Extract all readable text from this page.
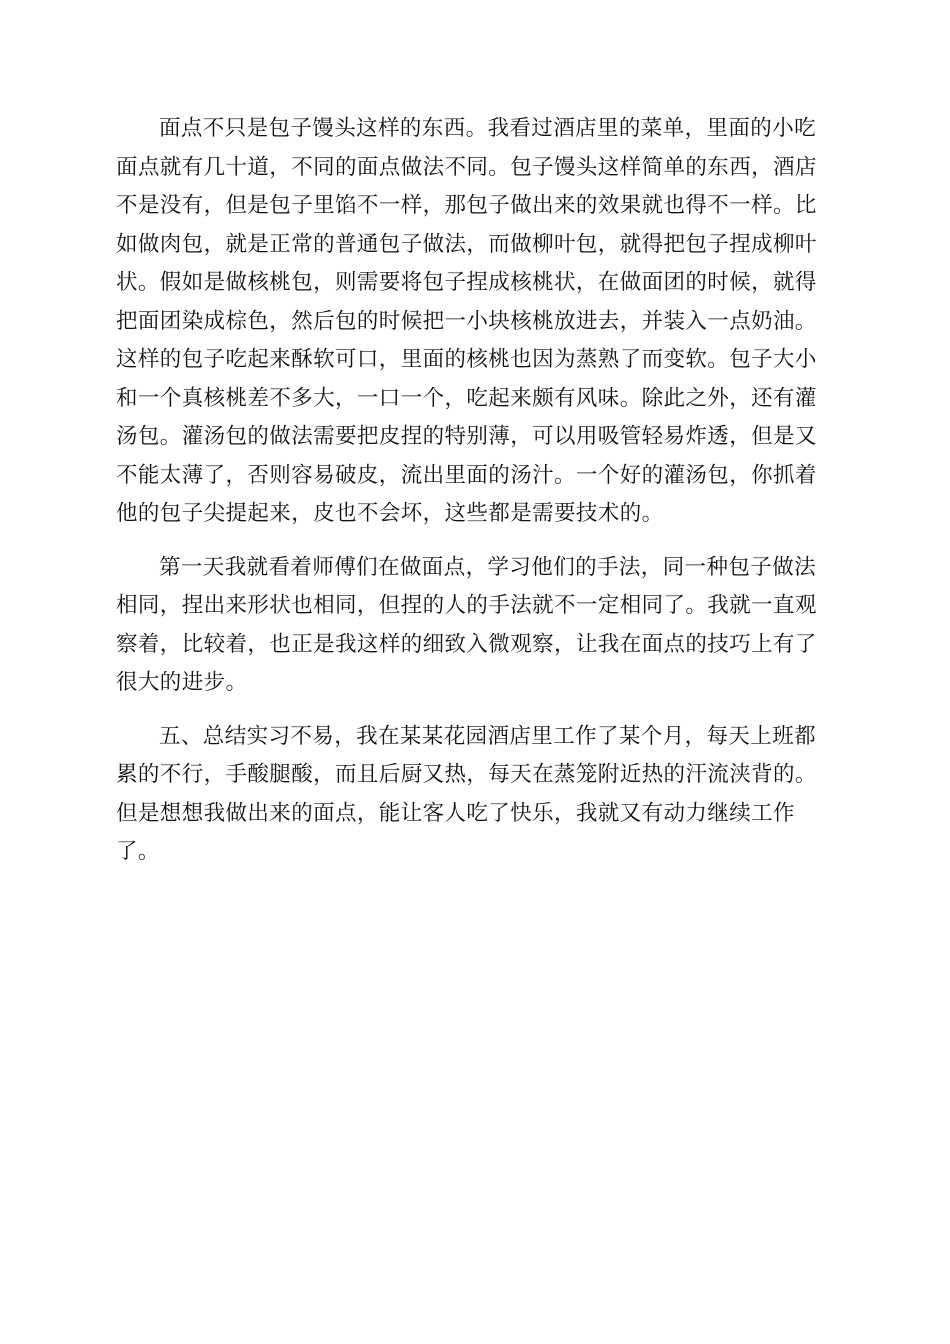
面点不只是包子馒头这样的东西。我看过酒店里的菜单，里面的小吃
面点就有几十道，不同的面点做法不同。包子馒头这样简单的东西，酒店
不是没有，但是包子里馅不一样，那包子做出来的效果就也得不一样。比
如做肉包，就是正常的普通包子做法，而做柳叶包，就得把包子捏成柳叶
状。假如是做核桃包，则需要将包子捏成核桃状，在做面团的时候，就得
把面团染成棕色，然后包的时候把一小块核桃放进去，并装入一点奶油。
这样的包子吃起来酥软可口，里面的核桃也因为蒸熟了而变软。包子大小
和一个真核桃差不多大，一口一个，吃起来颇有风味。除此之外，还有灌
汤包。灌汤包的做法需要把皮捏的特别薄，可以用吸管轻易炸透，但是又
不能太薄了，否则容易破皮，流出里面的汤汁。一个好的灌汤包，你抓着
他的包子尖提起来，皮也不会坏，这些都是需要技术的。

第一天我就看着师傅们在做面点，学习他们的手法，同一种包子做法
相同，捏出来形状也相同，但捏的人的手法就不一定相同了。我就一直观
察着，比较着，也正是我这样的细致入微观察，让我在面点的技巧上有了
很大的进步。

五、总结实习不易，我在某某花园酒店里工作了某个月，每天上班都
累的不行，手酸腿酸，而且后厨又热，每天在蒸笼附近热的汗流浃背的。
但是想想我做出来的面点，能让客人吃了快乐，我就又有动力继续工作
了。
